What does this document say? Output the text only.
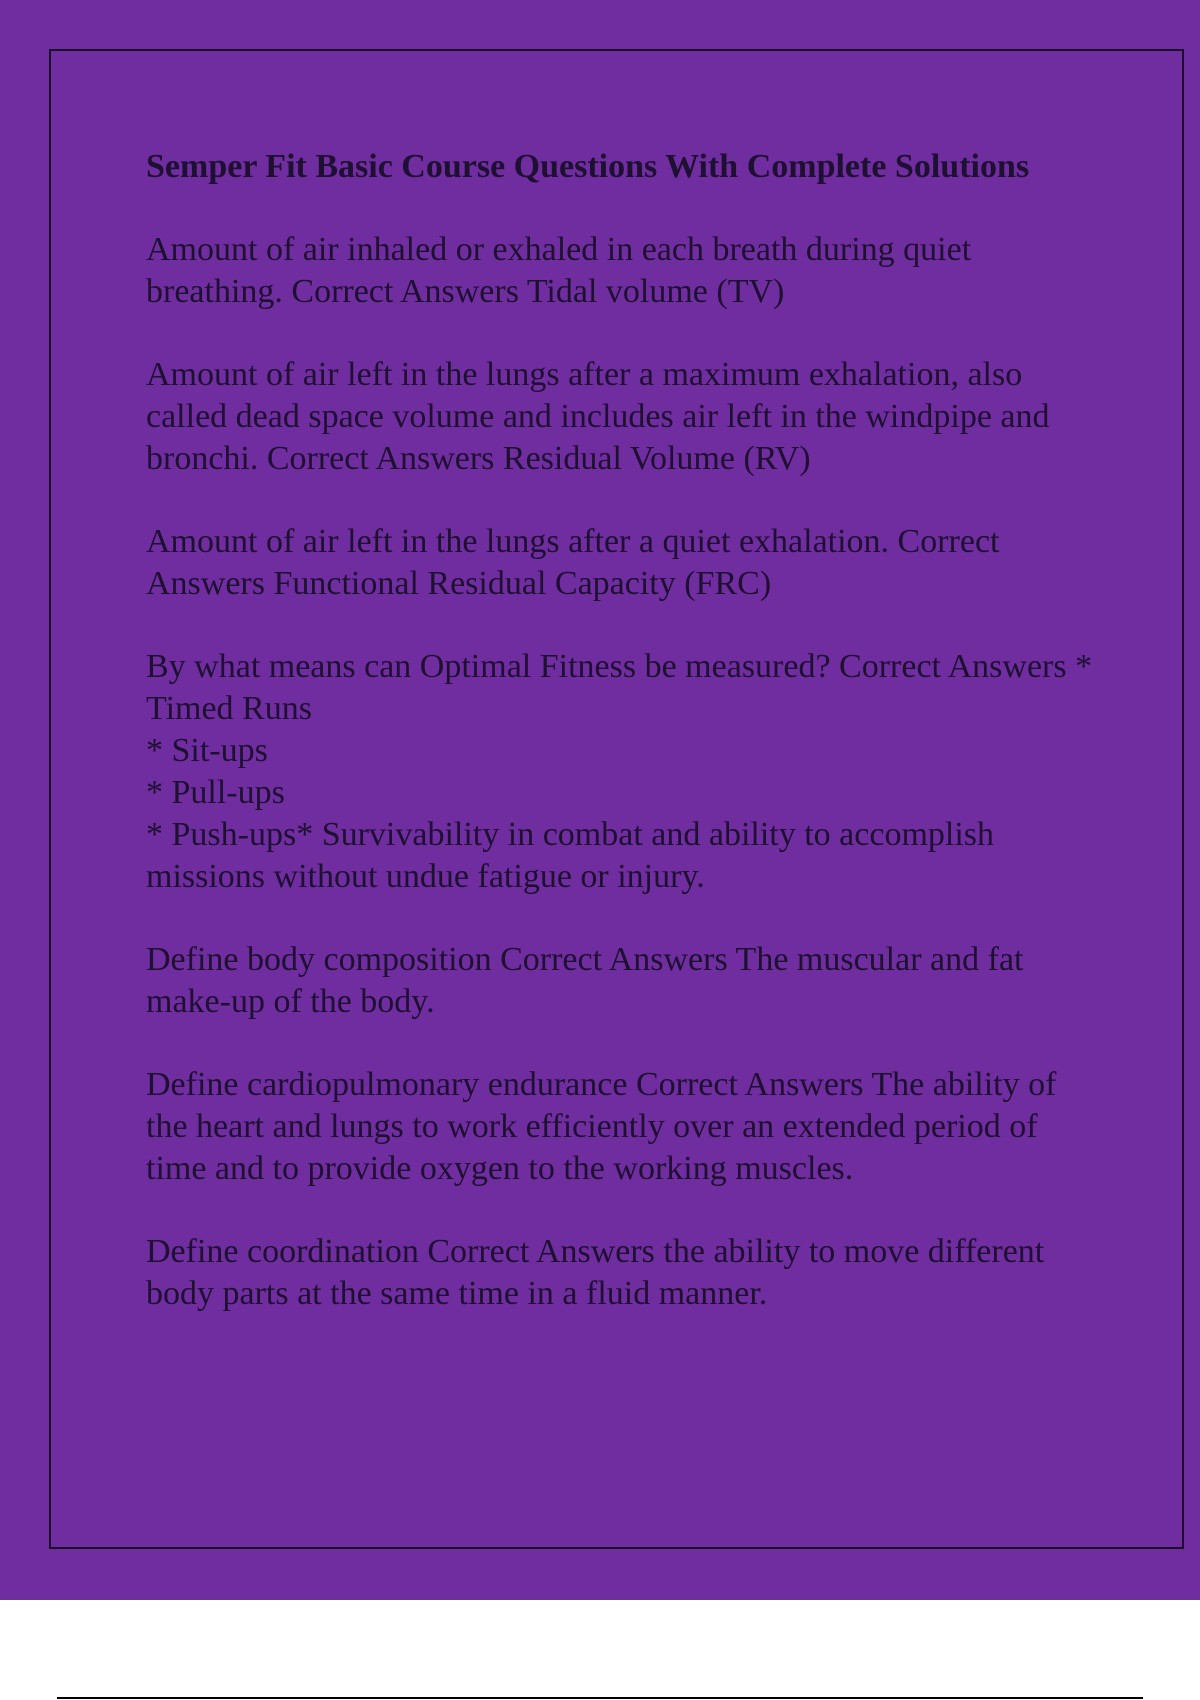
Semper Fit Basic Course Questions With Complete Solutions
Amount of air inhaled or exhaled in each breath during quiet breathing. Correct Answers Tidal volume (TV)
Amount of air left in the lungs after a maximum exhalation, also called dead space volume and includes air left in the windpipe and bronchi. Correct Answers Residual Volume (RV)
Amount of air left in the lungs after a quiet exhalation. Correct Answers Functional Residual Capacity (FRC)
By what means can Optimal Fitness be measured? Correct Answers * Timed Runs
* Sit-ups
* Pull-ups
* Push-ups* Survivability in combat and ability to accomplish missions without undue fatigue or injury.
Define body composition Correct Answers The muscular and fat make-up of the body.
Define cardiopulmonary endurance Correct Answers The ability of the heart and lungs to work efficiently over an extended period of time and to provide oxygen to the working muscles.
Define coordination Correct Answers the ability to move different body parts at the same time in a fluid manner.
